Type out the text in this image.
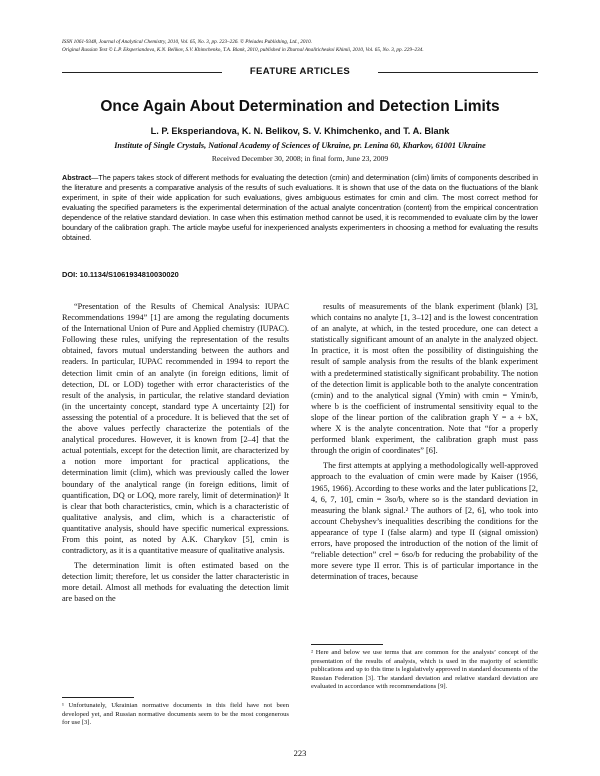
ISSN 1061-9348, Journal of Analytical Chemistry, 2010, Vol. 65, No. 3, pp. 223–226. © Pleiades Publishing, Ltd., 2010.
Original Russian Text © L.P. Eksperiandova, K.N. Belikov, S.V. Khimchenko, T.A. Blank, 2010, published in Zhurnal Analiticheskoi Khimii, 2010, Vol. 65, No. 3, pp. 229–234.
FEATURE ARTICLES
Once Again About Determination and Detection Limits
L. P. Eksperiandova, K. N. Belikov, S. V. Khimchenko, and T. A. Blank
Institute of Single Crystals, National Academy of Sciences of Ukraine, pr. Lenina 60, Kharkov, 61001 Ukraine
Received December 30, 2008; in final form, June 23, 2009
Abstract—The papers takes stock of different methods for evaluating the detection (cmin) and determination (clim) limits of components described in the literature and presents a comparative analysis of the results of such evaluations. It is shown that use of the data on the fluctuations of the blank experiment, in spite of their wide application for such evaluations, gives ambiguous estimates for cmin and clim. The most correct method for evaluating the specified parameters is the experimental determination of the actual analyte concentration (content) from the empirical concentration dependence of the relative standard deviation. In case when this estimation method cannot be used, it is recommended to evaluate clim by the lower boundary of the calibration graph. The article maybe useful for inexperienced analysts experimenters in choosing a method for evaluating the results obtained.
DOI: 10.1134/S1061934810030020

“Presentation of the Results of Chemical Analysis: IUPAC Recommendations 1994” [1] are among the regulating documents of the International Union of Pure and Applied chemistry (IUPAC). Following these rules, unifying the representation of the results obtained, favors mutual understanding between the authors and readers. In particular, IUPAC recommended in 1994 to report the detection limit cmin of an analyte (in foreign editions, limit of detection, DL or LOD) together with error characteristics of the result of the analysis, in particular, the relative standard deviation (in the uncertainty concept, standard type A uncertainty [2]) for assessing the potential of a procedure. It is believed that the set of the above values perfectly characterize the potentials of the analytical procedures. However, it is known from [2–4] that the actual potentials, except for the detection limit, are characterized by a notion more important for practical applications, the determination limit (clim), which was previously called the lower boundary of the analytical range (in foreign editions, limit of quantification, DQ or LOQ, more rarely, limit of determination)¹ It is clear that both characteristics, cmin, which is a characteristic of qualitative analysis, and clim, which is a characteristic of quantitative analysis, should have specific numerical expressions. From this point, as noted by A.K. Charykov [5], cmin is contradictory, as it is a quantitative measure of qualitative analysis.

The determination limit is often estimated based on the detection limit; therefore, let us consider the latter characteristic in more detail. Almost all methods for evaluating the detection limit are based on the

results of measurements of the blank experiment (blank) [3], which contains no analyte [1, 3–12] and is the lowest concentration of an analyte, at which, in the tested procedure, one can detect a statistically significant amount of an analyte in the analyzed object. In practice, it is most often the possibility of distinguishing the result of sample analysis from the results of the blank experiment with a predetermined statistically significant probability. The notion of the detection limit is applicable both to the analyte concentration (cmin) and to the analytical signal (Ymin) with cmin = Ymin/b, where b is the coefficient of instrumental sensitivity equal to the slope of the linear portion of the calibration graph Y = a + bX, where X is the analyte concentration. Note that “for a properly performed blank experiment, the calibration graph must pass through the origin of coordinates” [6].

The first attempts at applying a methodologically well-approved approach to the evaluation of cmin were made by Kaiser (1956, 1965, 1966). According to these works and the later publications [2, 4, 6, 7, 10], cmin = 3so/b, where so is the standard deviation in measuring the blank signal.² The authors of [2, 6], who took into account Chebyshev’s inequalities describing the conditions for the appearance of type I (false alarm) and type II (signal omission) errors, have proposed the introduction of the notion of the limit of “reliable detection” crel = 6so/b for reducing the probability of the more severe type II error. This is of particular importance in the determination of traces, because

¹ Unfortunately, Ukrainian normative documents in this field have not been developed yet, and Russian normative documents seem to be the most congenerous for use [3].
² Here and below we use terms that are common for the analysts’ concept of the presentation of the results of analysis, which is used in the majority of scientific publications and up to this time is legislatively approved in standard documents of the Russian Federation [3]. The standard deviation and relative standard deviation are evaluated in accordance with recommendations [9].
223
